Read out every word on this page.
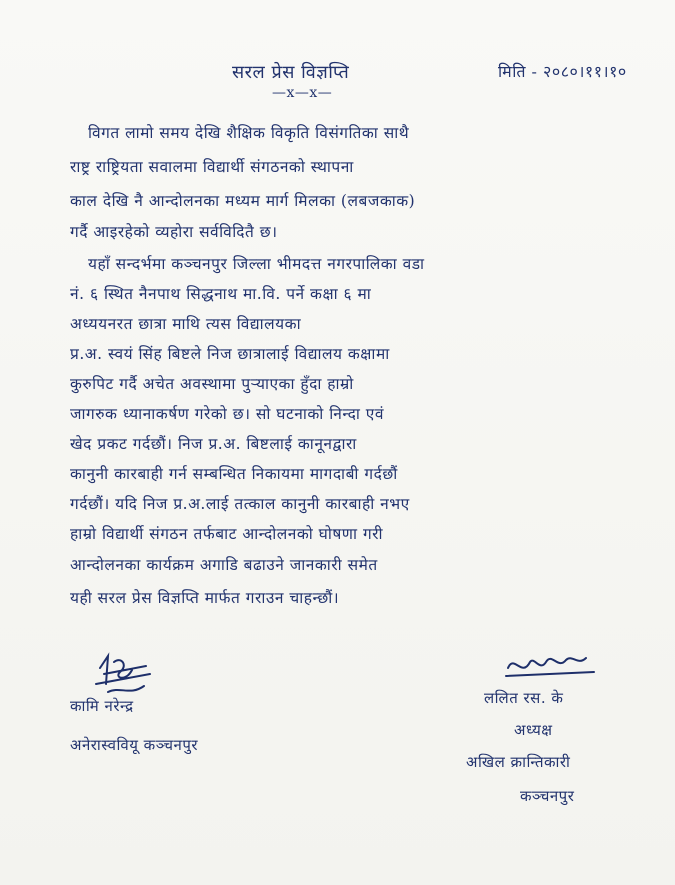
सरल प्रेस विज्ञप्ति
—x—x—
मिति - २०८०।११।१०
विगत लामो समय देखि शैक्षिक विकृति विसंगतिका साथै
राष्ट्र राष्ट्रियता सवालमा विद्यार्थी संगठनको स्थापना
काल देखि नै आन्दोलनका मध्यम मार्ग मिलका (लबजकाक)
गर्दै आइरहेको व्यहोरा सर्वविदितै छ।
यहाँ सन्दर्भमा कञ्चनपुर जिल्ला भीमदत्त नगरपालिका वडा
नं. ६ स्थित नैनपाथ सिद्धनाथ मा.वि. पर्ने कक्षा ६ मा
अध्ययनरत छात्रा माथि त्यस विद्यालयका
प्र.अ. स्वयं सिंह बिष्टले निज छात्रालाई विद्यालय कक्षामा
कुरुपिट गर्दै अचेत अवस्थामा पुऱ्याएका हुँदा हाम्रो
जागरुक ध्यानाकर्षण गरेको छ। सो घटनाको निन्दा एवं
खेद प्रकट गर्दछौं। निज प्र.अ. बिष्टलाई कानूनद्वारा
कानुनी कारबाही गर्न सम्बन्धित निकायमा मागदाबी गर्दछौं
गर्दछौं। यदि निज प्र.अ.लाई तत्काल कानुनी कारबाही नभए
हाम्रो विद्यार्थी संगठन तर्फबाट आन्दोलनको घोषणा गरी
आन्दोलनका कार्यक्रम अगाडि बढाउने जानकारी समेत
यही सरल प्रेस विज्ञप्ति मार्फत गराउन चाहन्छौं।
कामि नरेन्द्र
अनेरास्ववियू कञ्चनपुर
ललित रस. के
अध्यक्ष
अखिल क्रान्तिकारी
कञ्चनपुर
